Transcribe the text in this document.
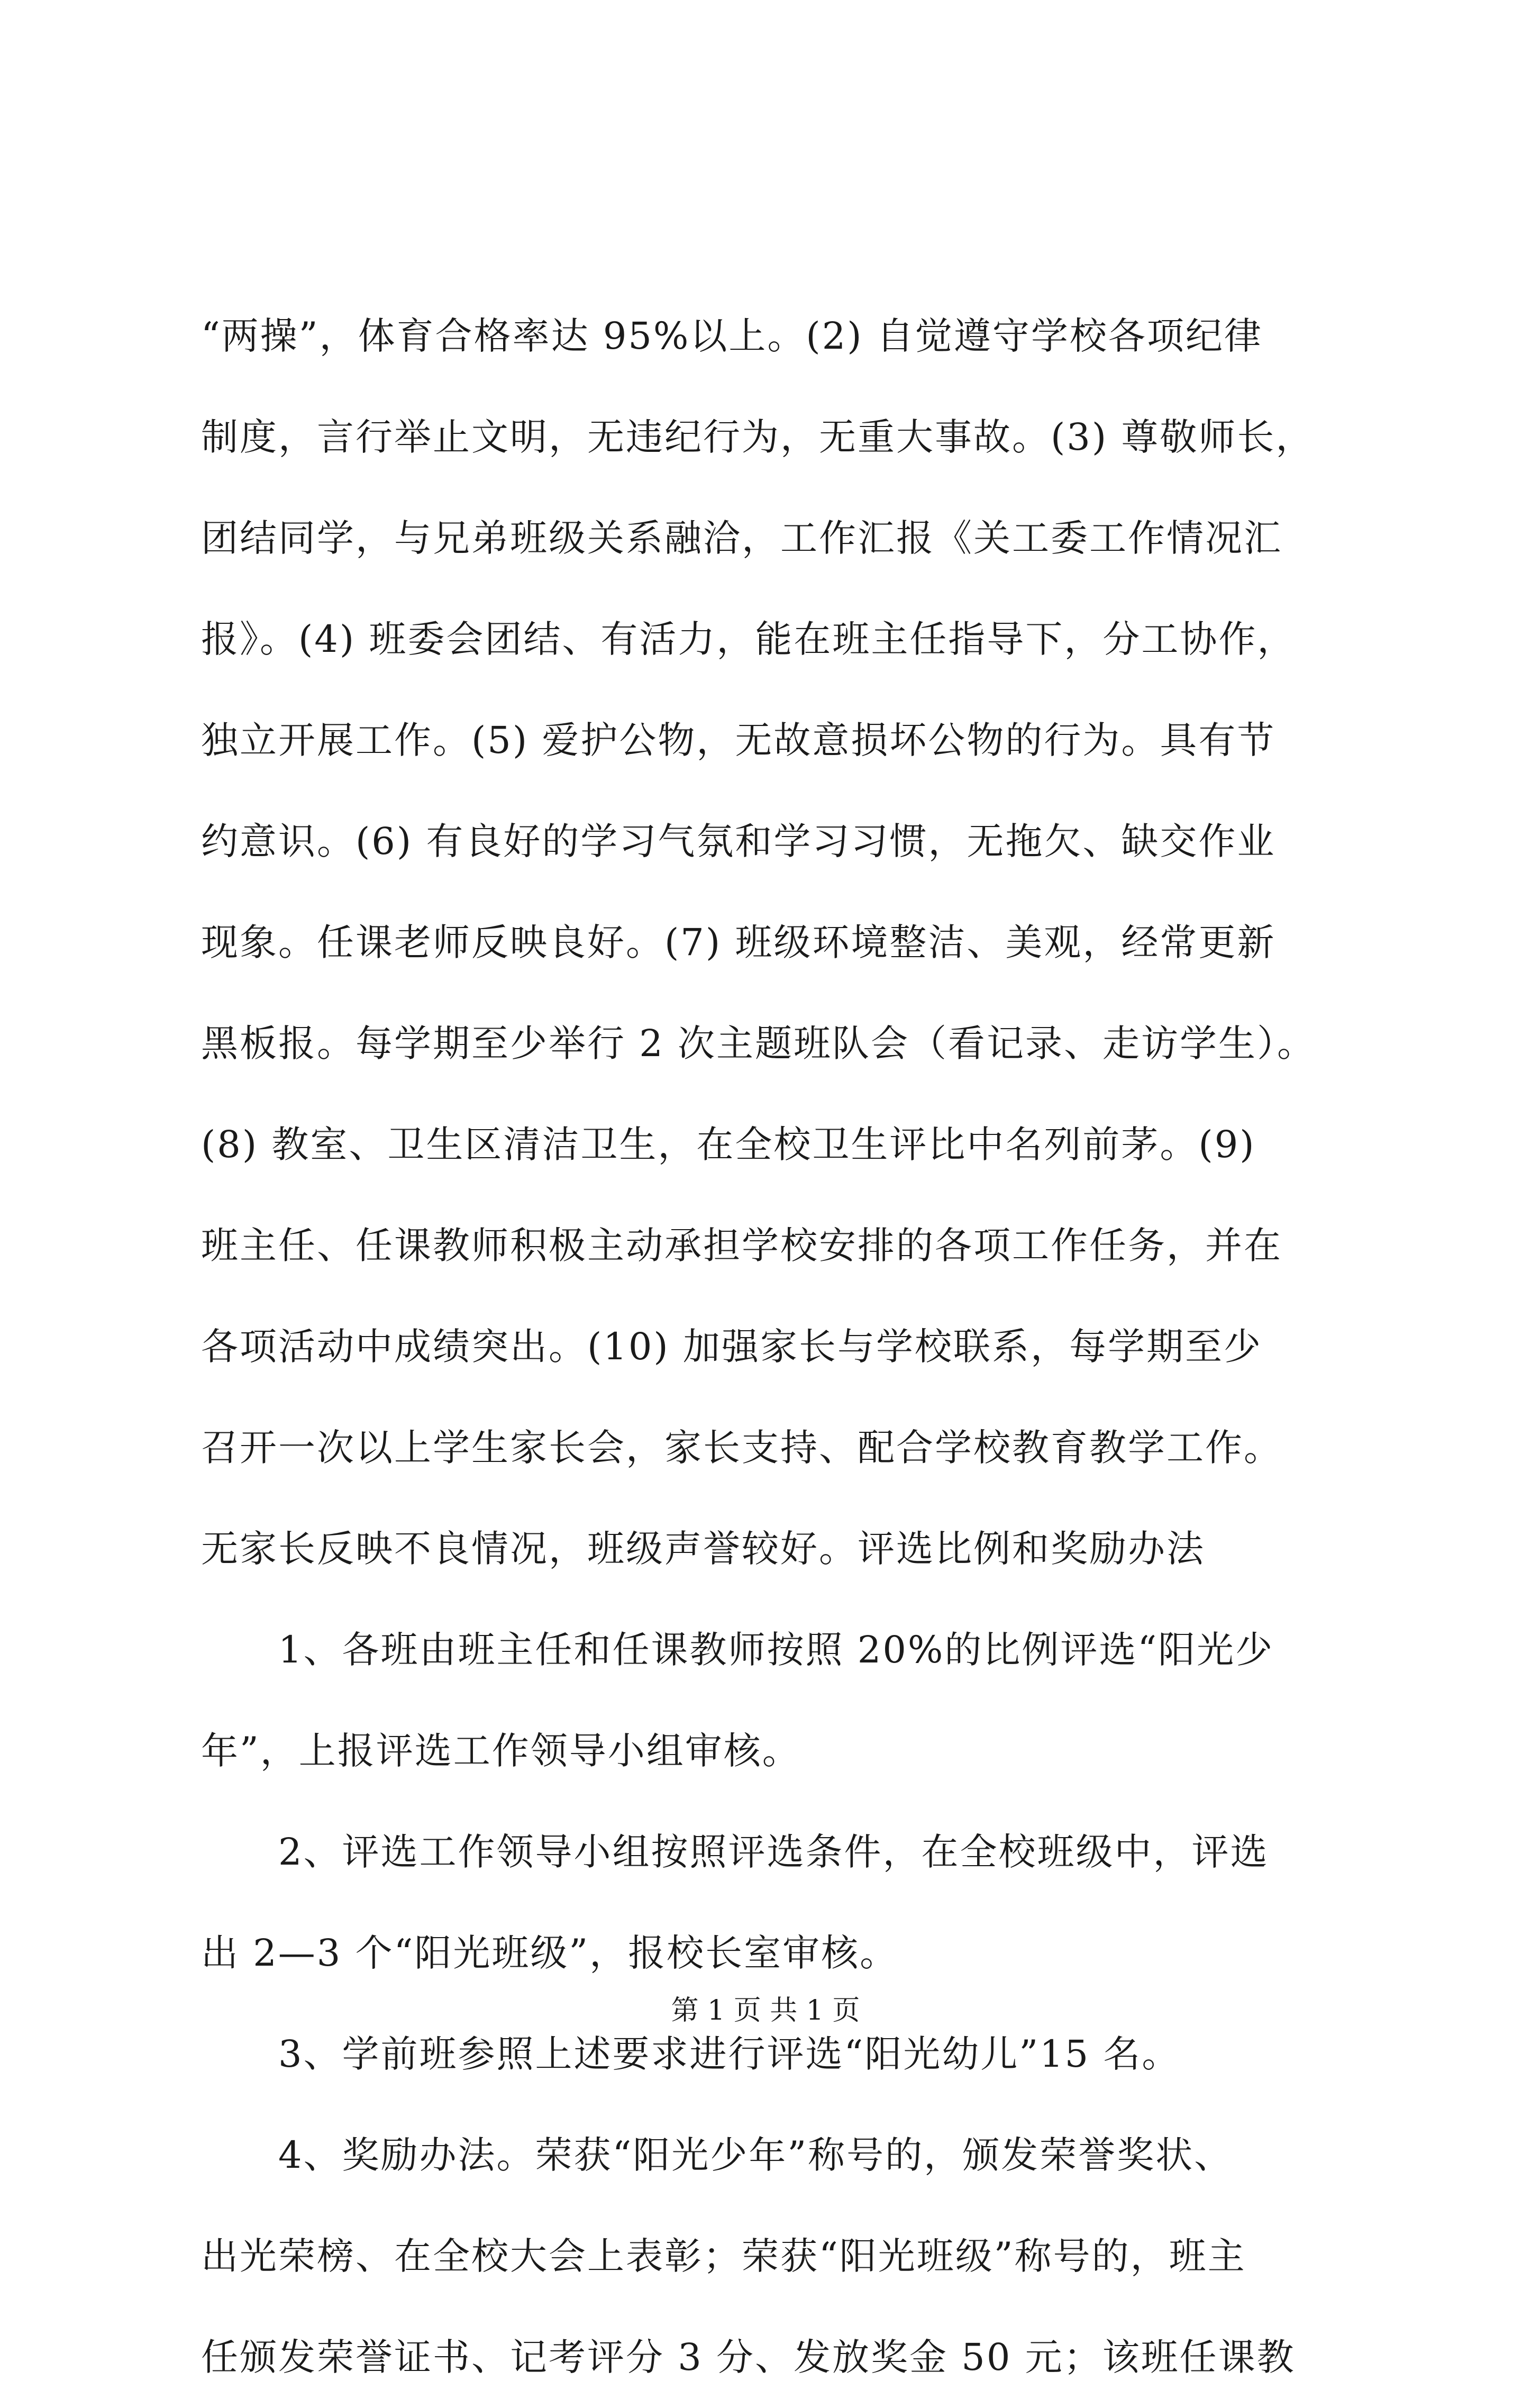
“两操”，体育合格率达 95%以上。(2) 自觉遵守学校各项纪律
制度，言行举止文明，无违纪行为，无重大事故。(3) 尊敬师长，
团结同学，与兄弟班级关系融洽，工作汇报《关工委工作情况汇
报》。(4) 班委会团结、有活力，能在班主任指导下，分工协作，
独立开展工作。(5) 爱护公物，无故意损坏公物的行为。具有节
约意识。(6) 有良好的学习气氛和学习习惯，无拖欠、缺交作业
现象。任课老师反映良好。(7) 班级环境整洁、美观，经常更新
黑板报。每学期至少举行 2 次主题班队会（看记录、走访学生）。
(8) 教室、卫生区清洁卫生，在全校卫生评比中名列前茅。(9)
班主任、任课教师积极主动承担学校安排的各项工作任务，并在
各项活动中成绩突出。(10) 加强家长与学校联系，每学期至少
召开一次以上学生家长会，家长支持、配合学校教育教学工作。
无家长反映不良情况，班级声誉较好。评选比例和奖励办法
　　1、各班由班主任和任课教师按照 20%的比例评选“阳光少
年”，上报评选工作领导小组审核。
　　2、评选工作领导小组按照评选条件，在全校班级中，评选
出 2—3 个“阳光班级”，报校长室审核。
　　3、学前班参照上述要求进行评选“阳光幼儿”15 名。
　　4、奖励办法。荣获“阳光少年”称号的，颁发荣誉奖状、
出光荣榜、在全校大会上表彰；荣获“阳光班级”称号的，班主
任颁发荣誉证书、记考评分 3 分、发放奖金 50 元；该班任课教
第 1 页 共 1 页
